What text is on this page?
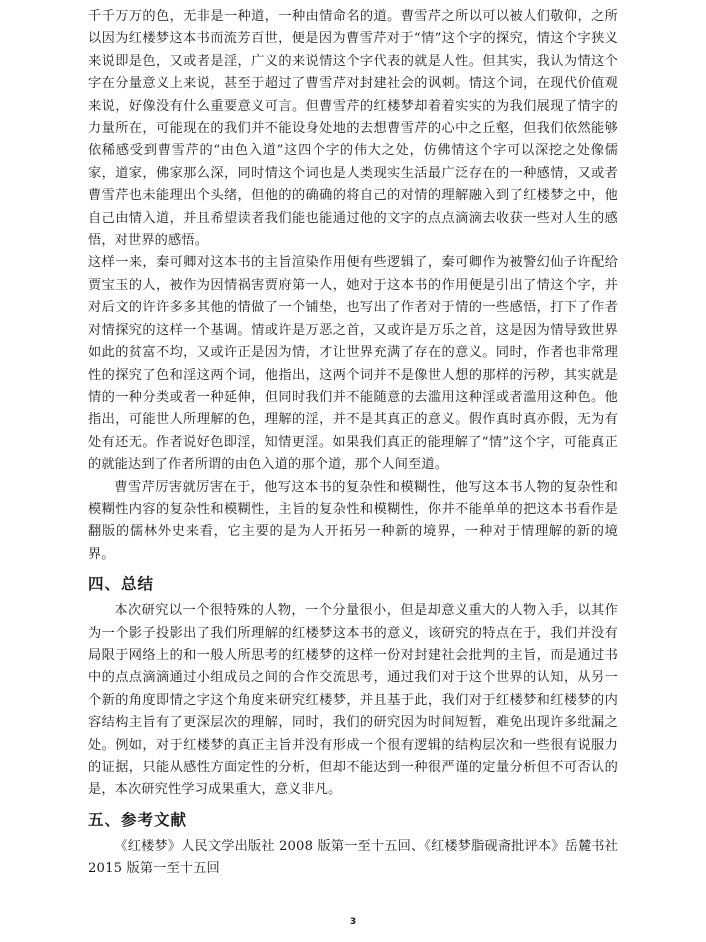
千千万万的色，无非是一种道，一种由情命名的道。曹雪芹之所以可以被人们敬仰，之所以因为红楼梦这本书而流芳百世，便是因为曹雪芹对于“情”这个字的探究，情这个字狭义来说即是色，又或者是淫，广义的来说情这个字代表的就是人性。但其实，我认为情这个字在分量意义上来说，甚至于超过了曹雪芹对封建社会的讽刺。情这个词，在现代价值观来说，好像没有什么重要意义可言。但曹雪芹的红楼梦却着着实实的为我们展现了情字的力量所在，可能现在的我们并不能设身处地的去想曹雪芹的心中之丘壑，但我们依然能够依稀感受到曹雪芹的“由色入道”这四个字的伟大之处，仿佛情这个字可以深挖之处像儒家，道家，佛家那么深，同时情这个词也是人类现实生活最广泛存在的一种感情，又或者曹雪芹也未能理出个头绪，但他的的确确的将自己的对情的理解融入到了红楼梦之中，他自己由情入道，并且希望读者我们能也能通过他的文字的点点滴滴去收获一些对人生的感悟，对世界的感悟。

这样一来，秦可卿对这本书的主旨渲染作用便有些逻辑了，秦可卿作为被警幻仙子许配给贾宝玉的人，被作为因情祸害贾府第一人，她对于这本书的作用便是引出了情这个字，并对后文的许许多多其他的情做了一个铺垫，也写出了作者对于情的一些感悟，打下了作者对情探究的这样一个基调。情或许是万恶之首，又或许是万乐之首，这是因为情导致世界如此的贫富不均，又或许正是因为情，才让世界充满了存在的意义。同时，作者也非常理性的探究了色和淫这两个词，他指出，这两个词并不是像世人想的那样的污秽，其实就是情的一种分类或者一种延伸，但同时我们并不能随意的去滥用这种淫或者滥用这种色。他指出，可能世人所理解的色，理解的淫，并不是其真正的意义。假作真时真亦假，无为有处有还无。作者说好色即淫，知情更淫。如果我们真正的能理解了“情”这个字，可能真正的就能达到了作者所谓的由色入道的那个道，那个人间至道。

曹雪芹厉害就厉害在于，他写这本书的复杂性和模糊性，他写这本书人物的复杂性和模糊性内容的复杂性和模糊性，主旨的复杂性和模糊性，你并不能单单的把这本书看作是翻版的儒林外史来看，它主要的是为人开拓另一种新的境界，一种对于情理解的新的境界。

四、总结

本次研究以一个很特殊的人物，一个分量很小，但是却意义重大的人物入手，以其作为一个影子投影出了我们所理解的红楼梦这本书的意义，该研究的特点在于，我们并没有局限于网络上的和一般人所思考的红楼梦的这样一份对封建社会批判的主旨，而是通过书中的点点滴滴通过小组成员之间的合作交流思考，通过我们对于这个世界的认知，从另一个新的角度即情之字这个角度来研究红楼梦，并且基于此，我们对于红楼梦和红楼梦的内容结构主旨有了更深层次的理解，同时，我们的研究因为时间短暂，难免出现许多纰漏之处。例如，对于红楼梦的真正主旨并没有形成一个很有逻辑的结构层次和一些很有说服力的证据，只能从感性方面定性的分析，但却不能达到一种很严谨的定量分析但不可否认的是，本次研究性学习成果重大，意义非凡。

五、参考文献

《红楼梦》人民文学出版社 2008 版第一至十五回、《红楼梦脂砚斋批评本》岳麓书社 2015 版第一至十五回

3
